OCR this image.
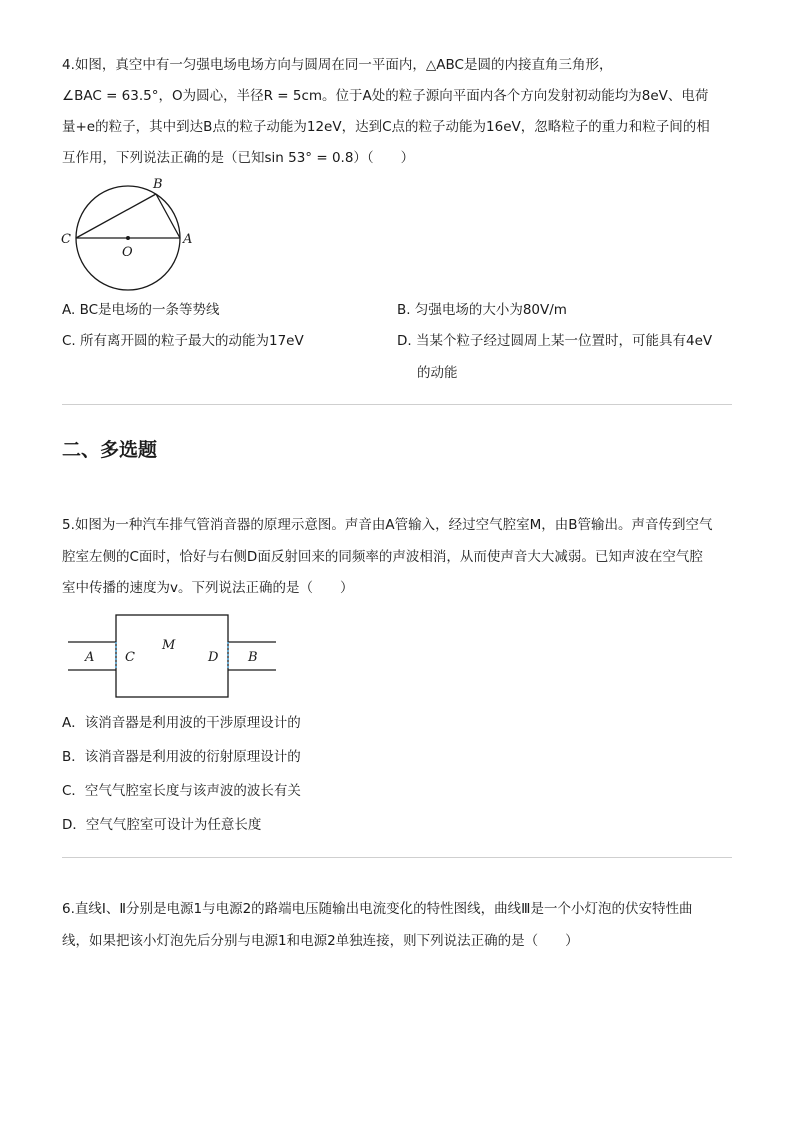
4.如图，真空中有一匀强电场电场方向与圆周在同一平面内，△ABC是圆的内接直角三角形，
∠BAC = 63.5°，O为圆心，半径R = 5cm。位于A处的粒子源向平面内各个方向发射初动能均为8eV、电荷
量+e的粒子，其中到达B点的粒子动能为12eV，达到C点的粒子动能为16eV，忽略粒子的重力和粒子间的相
互作用，下列说法正确的是（已知sin 53° = 0.8）（　　）
B
C	A
O
A. BC是电场的一条等势线	B. 匀强电场的大小为80V/m
C. 所有离开圆的粒子最大的动能为17eV	D. 当某个粒子经过圆周上某一位置时，可能具有4eV
的动能
二、多选题
5.如图为一种汽车排气管消音器的原理示意图。声音由A管输入，经过空气腔室M，由B管输出。声音传到空气
腔室左侧的C面时，恰好与右侧D面反射回来的同频率的声波相消，从而使声音大大减弱。已知声波在空气腔
室中传播的速度为v。下列说法正确的是（　　）
A C
M
D B
A．该消音器是利用波的干涉原理设计的
B．该消音器是利用波的衍射原理设计的
C．空气气腔室长度与该声波的波长有关
D．空气气腔室可设计为任意长度
6.直线Ⅰ、Ⅱ分别是电源1与电源2的路端电压随输出电流变化的特性图线，曲线Ⅲ是一个小灯泡的伏安特性曲
线，如果把该小灯泡先后分别与电源1和电源2单独连接，则下列说法正确的是（　　）
